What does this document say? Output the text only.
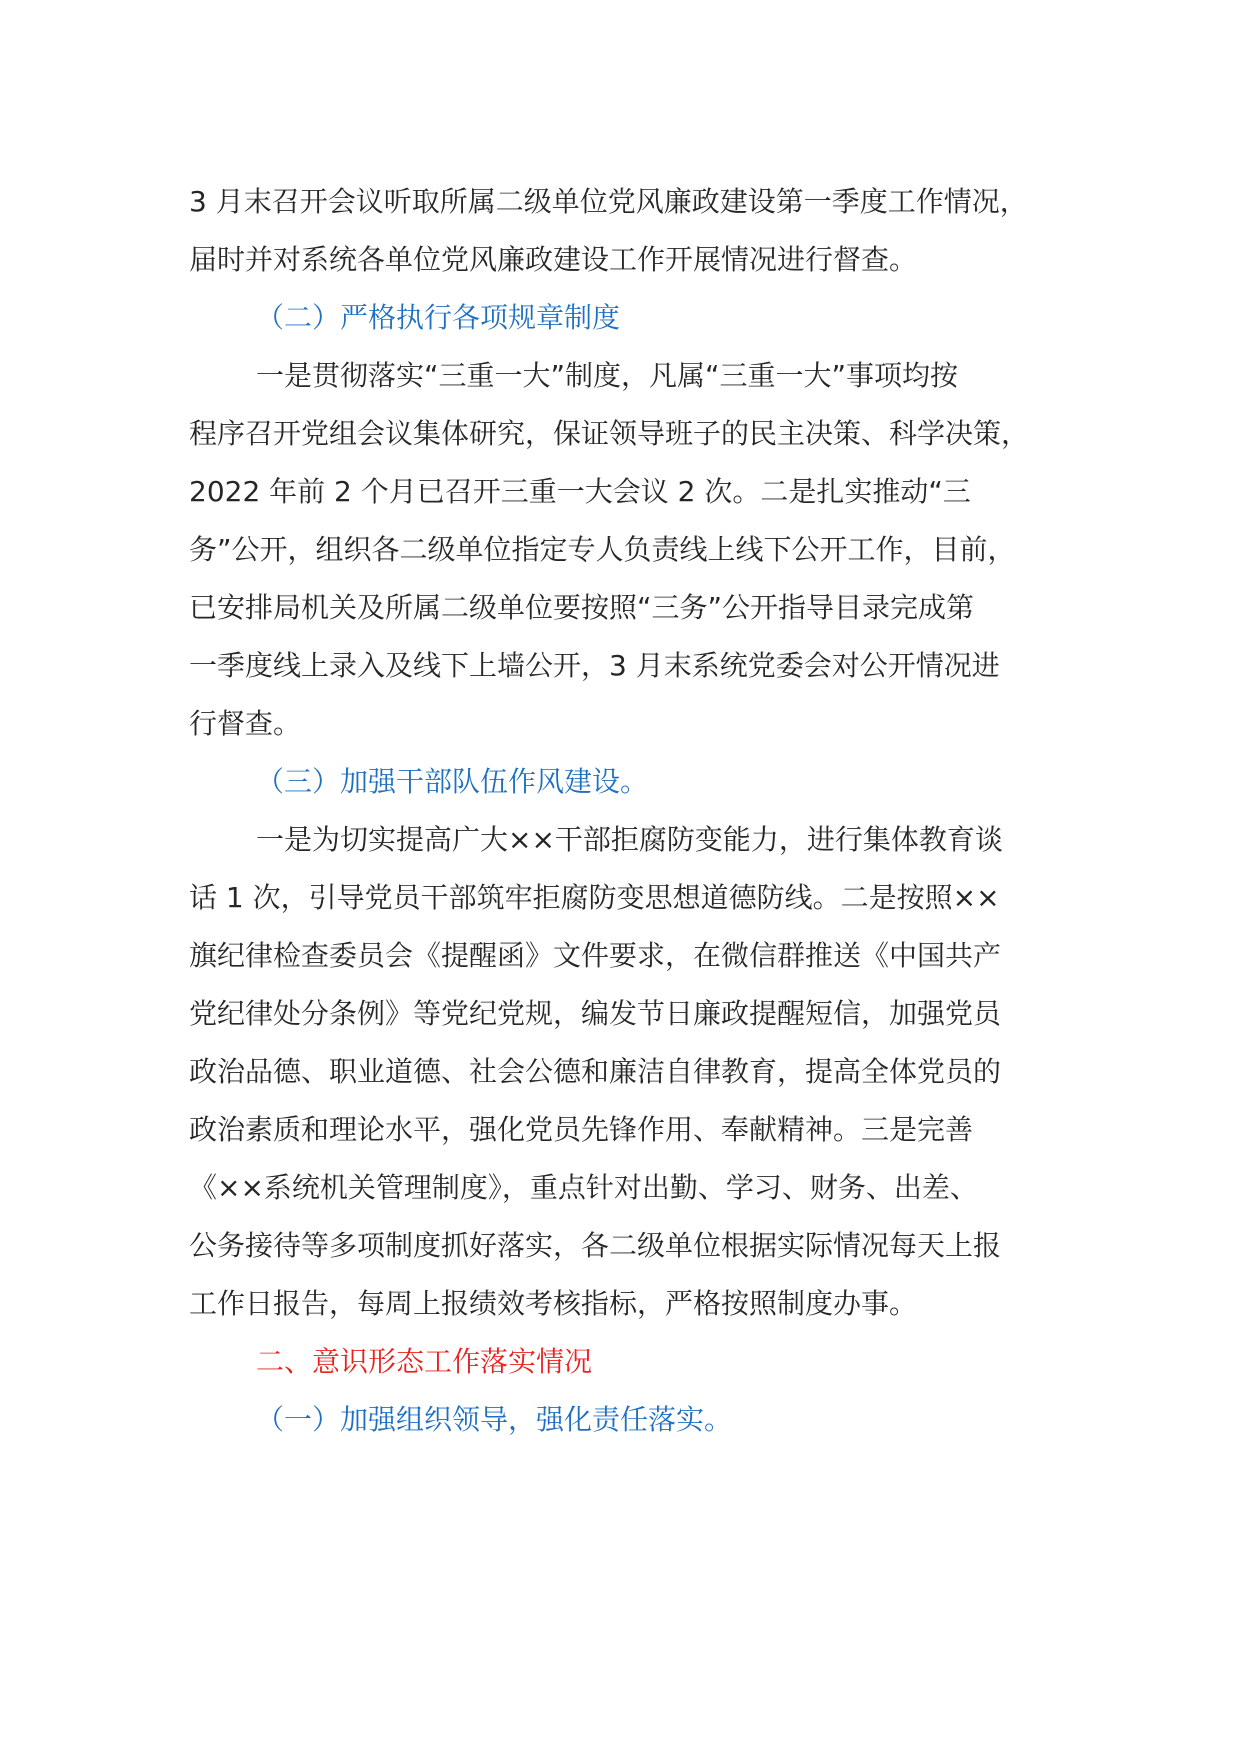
3 月末召开会议听取所属二级单位党风廉政建设第一季度工作情况，
届时并对系统各单位党风廉政建设工作开展情况进行督查。
（二）严格执行各项规章制度
一是贯彻落实“三重一大”制度，凡属“三重一大”事项均按
程序召开党组会议集体研究，保证领导班子的民主决策、科学决策，
2022 年前 2 个月已召开三重一大会议 2 次。二是扎实推动“三
务”公开，组织各二级单位指定专人负责线上线下公开工作，目前，
已安排局机关及所属二级单位要按照“三务”公开指导目录完成第
一季度线上录入及线下上墙公开，3 月末系统党委会对公开情况进
行督查。
（三）加强干部队伍作风建设。
一是为切实提高广大××干部拒腐防变能力，进行集体教育谈
话 1 次，引导党员干部筑牢拒腐防变思想道德防线。二是按照××
旗纪律检查委员会《提醒函》文件要求，在微信群推送《中国共产
党纪律处分条例》等党纪党规，编发节日廉政提醒短信，加强党员
政治品德、职业道德、社会公德和廉洁自律教育，提高全体党员的
政治素质和理论水平，强化党员先锋作用、奉献精神。三是完善
《××系统机关管理制度》，重点针对出勤、学习、财务、出差、
公务接待等多项制度抓好落实，各二级单位根据实际情况每天上报
工作日报告，每周上报绩效考核指标，严格按照制度办事。
二、意识形态工作落实情况
（一）加强组织领导，强化责任落实。
